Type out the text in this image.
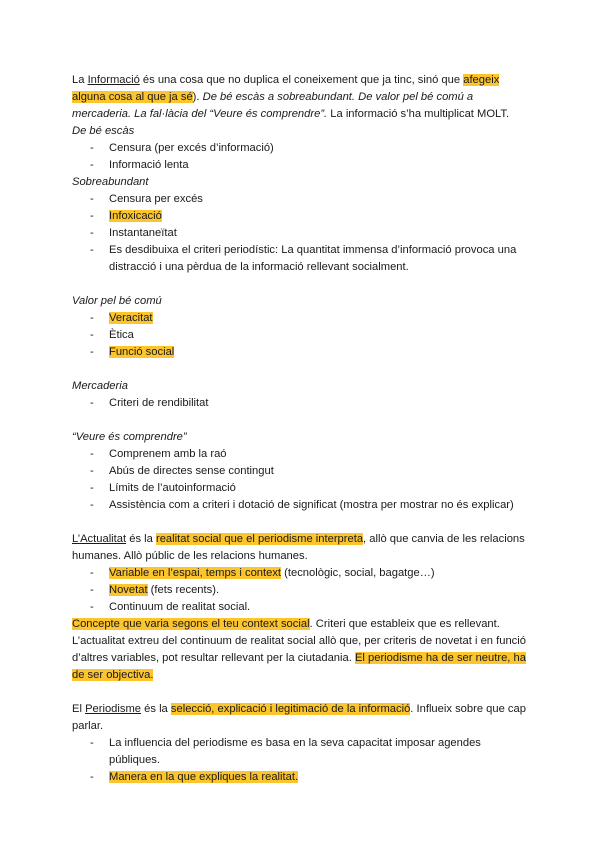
La Informació és una cosa que no duplica el coneixement que ja tinc, sinó que afegeix alguna cosa al que ja sé). De bé escàs a sobreabundant. De valor pel bé comú a mercaderia. La fal·làcia del “Veure és comprendre”. La informació s’ha multiplicat MOLT.

De bé escàs

- Censura (per excés d’informació)
- Informació lenta

Sobreabundant

- Censura per excés
- Infoxicació
- Instantaneïtat
- Es desdibuixa el criteri periodístic: La quantitat immensa d’informació provoca una distracció i una pèrdua de la informació rellevant socialment.

Valor pel bé comú

- Veracitat
- Ètica
- Funció social

Mercaderia

- Criteri de rendibilitat

“Veure és comprendre”

- Comprenem amb la raó
- Abús de directes sense contingut
- Límits de l’autoinformació
- Assistència com a criteri i dotació de significat (mostra per mostrar no és explicar)

L’Actualitat és la realitat social que el periodisme interpreta, allò que canvia de les relacions humanes. Allò públic de les relacions humanes.

- Variable en l’espai, temps i context (tecnològic, social, bagatge…)
- Novetat (fets recents).
- Continuum de realitat social.

Concepte que varia segons el teu context social. Criteri que estableix que es rellevant.

L’actualitat extreu del continuum de realitat social allò que, per criteris de novetat i en funció d’altres variables, pot resultar rellevant per la ciutadania. El periodisme ha de ser neutre, ha de ser objectiva.

El Periodisme és la selecció, explicació i legitimació de la informació. Influeix sobre que cap parlar.

- La influencia del periodisme es basa en la seva capacitat imposar agendes públiques.
- Manera en la que expliques la realitat.
